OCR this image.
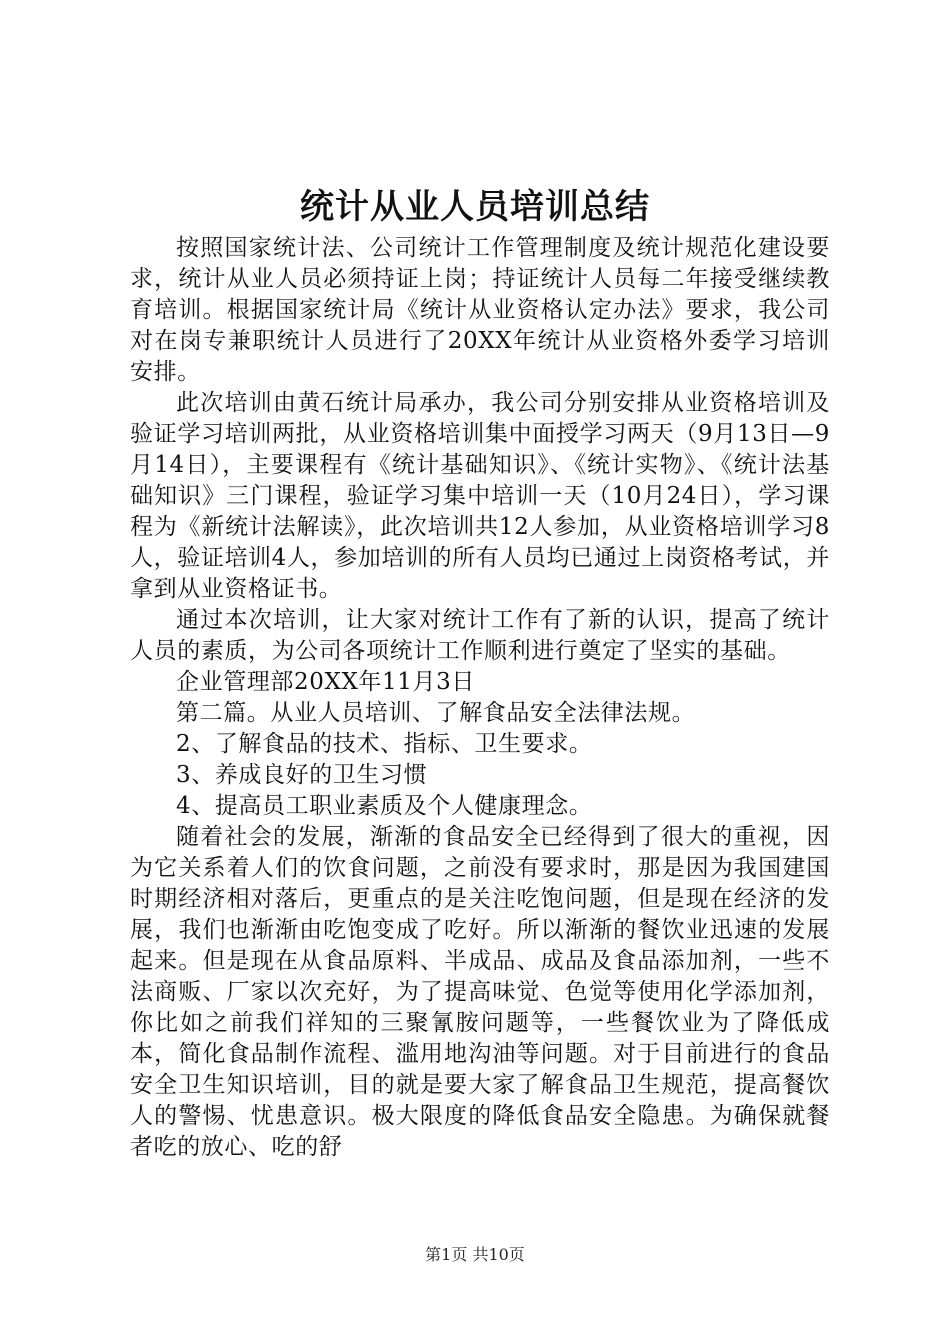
统计从业人员培训总结

按照国家统计法、公司统计工作管理制度及统计规范化建设要求，统计从业人员必须持证上岗；持证统计人员每二年接受继续教育培训。根据国家统计局《统计从业资格认定办法》要求，我公司对在岗专兼职统计人员进行了20XX年统计从业资格外委学习培训安排。

此次培训由黄石统计局承办，我公司分别安排从业资格培训及验证学习培训两批，从业资格培训集中面授学习两天（9月13日—9月14日），主要课程有《统计基础知识》、《统计实物》、《统计法基础知识》三门课程，验证学习集中培训一天（10月24日），学习课程为《新统计法解读》，此次培训共12人参加，从业资格培训学习8人，验证培训4人，参加培训的所有人员均已通过上岗资格考试，并拿到从业资格证书。

通过本次培训，让大家对统计工作有了新的认识，提高了统计人员的素质，为公司各项统计工作顺利进行奠定了坚实的基础。

企业管理部20XX年11月3日

第二篇。从业人员培训、了解食品安全法律法规。

2、了解食品的技术、指标、卫生要求。

3、养成良好的卫生习惯

4、提高员工职业素质及个人健康理念。

随着社会的发展，渐渐的食品安全已经得到了很大的重视，因为它关系着人们的饮食问题，之前没有要求时，那是因为我国建国时期经济相对落后，更重点的是关注吃饱问题，但是现在经济的发展，我们也渐渐由吃饱变成了吃好。所以渐渐的餐饮业迅速的发展起来。但是现在从食品原料、半成品、成品及食品添加剂，一些不法商贩、厂家以次充好，为了提高味觉、色觉等使用化学添加剂，你比如之前我们祥知的三聚氰胺问题等，一些餐饮业为了降低成本，简化食品制作流程、滥用地沟油等问题。对于目前进行的食品安全卫生知识培训，目的就是要大家了解食品卫生规范，提高餐饮人的警惕、忧患意识。极大限度的降低食品安全隐患。为确保就餐者吃的放心、吃的舒

第1页 共10页
